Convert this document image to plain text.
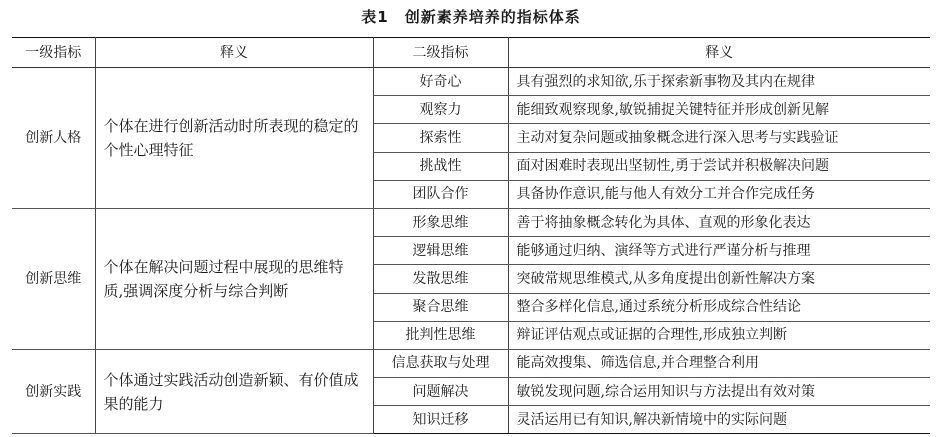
表1 创新素养培养的指标体系
一级指标	释义	二级指标	释义
创新人格	个体在进行创新活动时所表现的稳定的个性心理特征	好奇心	具有强烈的求知欲,乐于探索新事物及其内在规律
		观察力	能细致观察现象,敏锐捕捉关键特征并形成创新见解
		探索性	主动对复杂问题或抽象概念进行深入思考与实践验证
		挑战性	面对困难时表现出坚韧性,勇于尝试并积极解决问题
		团队合作	具备协作意识,能与他人有效分工并合作完成任务
创新思维	个体在解决问题过程中展现的思维特质,强调深度分析与综合判断	形象思维	善于将抽象概念转化为具体、直观的形象化表达
		逻辑思维	能够通过归纳、演绎等方式进行严谨分析与推理
		发散思维	突破常规思维模式,从多角度提出创新性解决方案
		聚合思维	整合多样化信息,通过系统分析形成综合性结论
		批判性思维	辩证评估观点或证据的合理性,形成独立判断
创新实践	个体通过实践活动创造新颖、有价值成果的能力	信息获取与处理	能高效搜集、筛选信息,并合理整合利用
		问题解决	敏锐发现问题,综合运用知识与方法提出有效对策
		知识迁移	灵活运用已有知识,解决新情境中的实际问题
